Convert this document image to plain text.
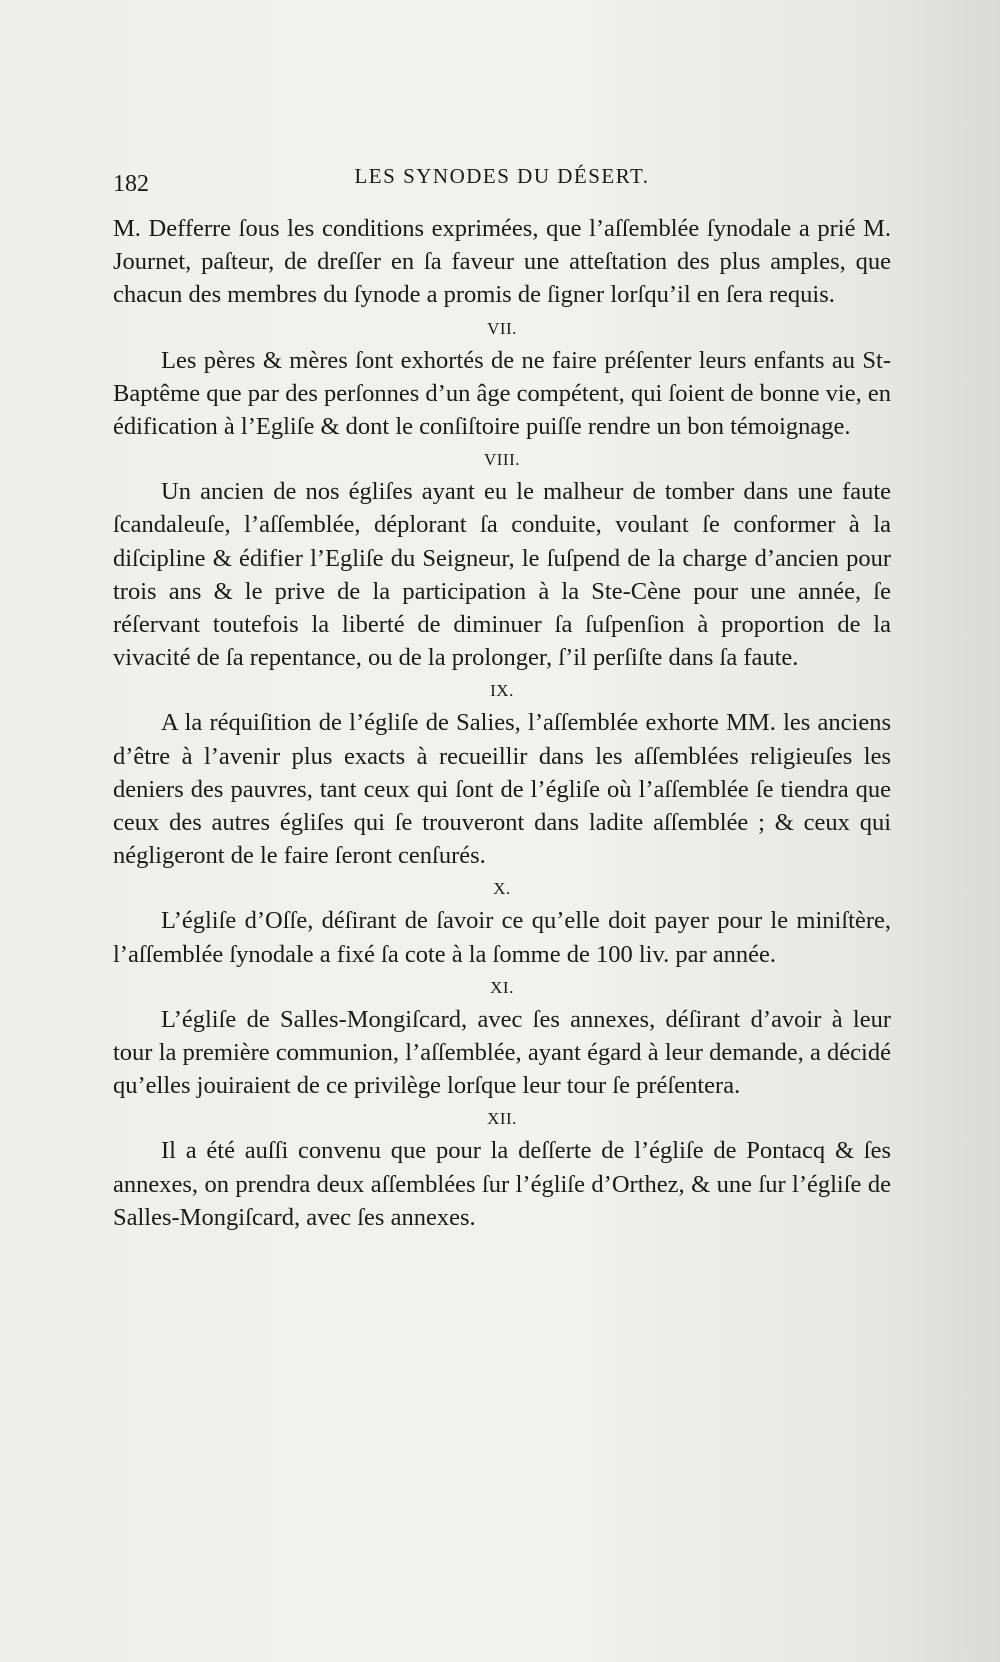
182	LES SYNODES DU DÉSERT.

M. Defferre ſous les conditions exprimées, que l’aſſemblée ſynodale a prié M. Journet, paſteur, de dreſſer en ſa faveur une atteſtation des plus amples, que chacun des membres du ſynode a promis de ſigner lorſqu’il en ſera requis.

VII.

Les pères & mères ſont exhortés de ne faire préſenter leurs enfants au St-Baptême que par des perſonnes d’un âge compétent, qui ſoient de bonne vie, en édification à l’Egliſe & dont le conſiſtoire puiſſe rendre un bon témoignage.

VIII.

Un ancien de nos égliſes ayant eu le malheur de tomber dans une faute ſcandaleuſe, l’aſſemblée, déplorant ſa conduite, voulant ſe conformer à la diſcipline & édifier l’Egliſe du Seigneur, le ſuſpend de la charge d’ancien pour trois ans & le prive de la participation à la Ste-Cène pour une année, ſe réſervant toutefois la liberté de diminuer ſa ſuſpenſion à proportion de la vivacité de ſa repentance, ou de la prolonger, ſ’il perſiſte dans ſa faute.

IX.

A la réquiſition de l’égliſe de Salies, l’aſſemblée exhorte MM. les anciens d’être à l’avenir plus exacts à recueillir dans les aſſemblées religieuſes les deniers des pauvres, tant ceux qui ſont de l’égliſe où l’aſſemblée ſe tiendra que ceux des autres égliſes qui ſe trouveront dans ladite aſſemblée ; & ceux qui négligeront de le faire ſeront cenſurés.

X.

L’égliſe d’Oſſe, déſirant de ſavoir ce qu’elle doit payer pour le miniſtère, l’aſſemblée ſynodale a fixé ſa cote à la ſomme de 100 liv. par année.

XI.

L’égliſe de Salles-Mongiſcard, avec ſes annexes, déſirant d’avoir à leur tour la première communion, l’aſſemblée, ayant égard à leur demande, a décidé qu’elles jouiraient de ce privilège lorſque leur tour ſe préſentera.

XII.

Il a été auſſi convenu que pour la deſſerte de l’égliſe de Pontacq & ſes annexes, on prendra deux aſſemblées ſur l’égliſe d’Orthez, & une ſur l’égliſe de Salles-Mongiſcard, avec ſes annexes.
